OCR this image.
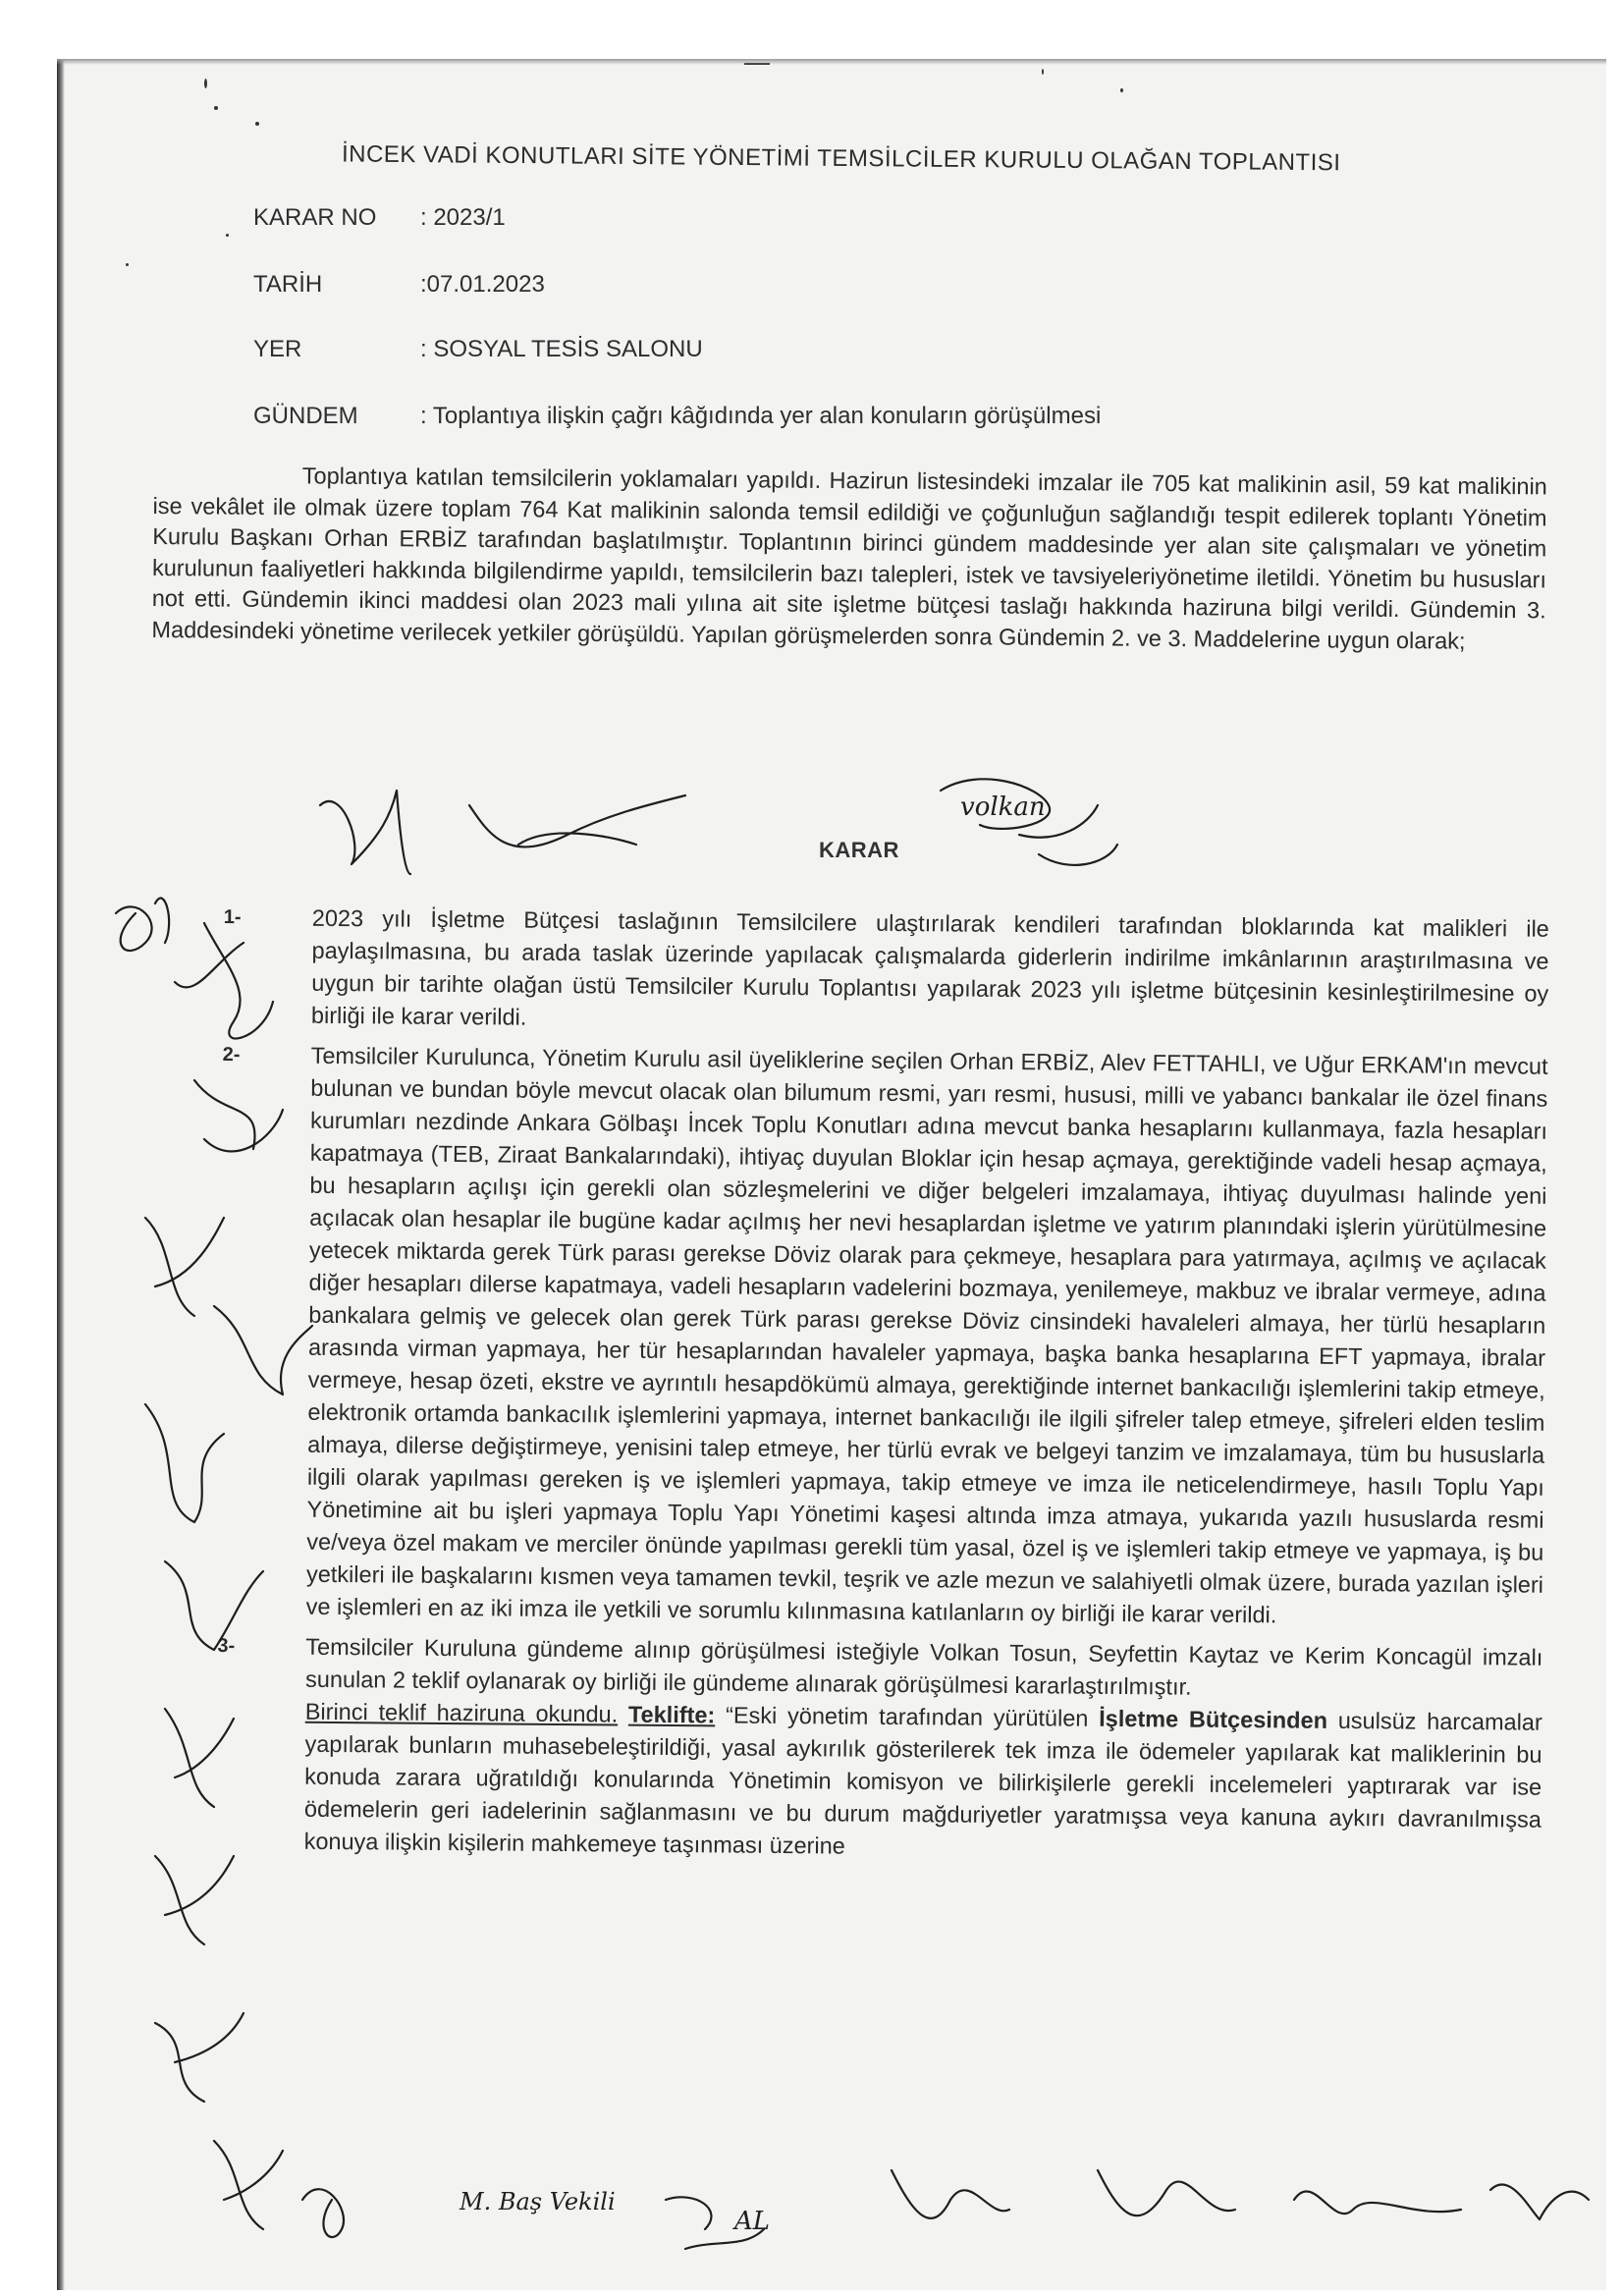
İNCEK VADİ KONUTLARI SİTE YÖNETİMİ TEMSİLCİLER KURULU OLAĞAN TOPLANTISI
KARAR NO : 2023/1
TARİH	:07.01.2023
YER	: SOSYAL TESİS SALONU
GÜNDEM	: Toplantıya ilişkin çağrı kâğıdında yer alan konuların görüşülmesi

Toplantıya katılan temsilcilerin yoklamaları yapıldı. Hazirun listesindeki imzalar ile 705 kat malikinin asil, 59 kat malikinin ise vekâlet ile olmak üzere toplam 764 Kat malikinin salonda temsil edildiği ve çoğunluğun sağlandığı tespit edilerek toplantı Yönetim Kurulu Başkanı Orhan ERBİZ tarafından başlatılmıştır. Toplantının birinci gündem maddesinde yer alan site çalışmaları ve yönetim kurulunun faaliyetleri hakkında bilgilendirme yapıldı, temsilcilerin bazı talepleri, istek ve tavsiyeleriyönetime iletildi. Yönetim bu hususları not etti. Gündemin ikinci maddesi olan 2023 mali yılına ait site işletme bütçesi taslağı hakkında haziruna bilgi verildi. Gündemin 3. Maddesindeki yönetime verilecek yetkiler görüşüldü. Yapılan görüşmelerden sonra Gündemin 2. ve 3. Maddelerine uygun olarak;

KARAR
1-	2023 yılı İşletme Bütçesi taslağının Temsilcilere ulaştırılarak kendileri tarafından bloklarında kat malikleri ile paylaşılmasına, bu arada taslak üzerinde yapılacak çalışmalarda giderlerin indirilme imkânlarının araştırılmasına ve uygun bir tarihte olağan üstü Temsilciler Kurulu Toplantısı yapılarak 2023 yılı işletme bütçesinin kesinleştirilmesine oy birliği ile karar verildi.
2-	Temsilciler Kurulunca, Yönetim Kurulu asil üyeliklerine seçilen Orhan ERBİZ, Alev FETTAHLI, ve Uğur ERKAM'ın mevcut bulunan ve bundan böyle mevcut olacak olan bilumum resmi, yarı resmi, hususi, milli ve yabancı bankalar ile özel finans kurumları nezdinde Ankara Gölbaşı İncek Toplu Konutları adına mevcut banka hesaplarını kullanmaya, fazla hesapları kapatmaya (TEB, Ziraat Bankalarındaki), ihtiyaç duyulan Bloklar için hesap açmaya, gerektiğinde vadeli hesap açmaya, bu hesapların açılışı için gerekli olan sözleşmelerini ve diğer belgeleri imzalamaya, ihtiyaç duyulması halinde yeni açılacak olan hesaplar ile bugüne kadar açılmış her nevi hesaplardan işletme ve yatırım planındaki işlerin yürütülmesine yetecek miktarda gerek Türk parası gerekse Döviz olarak para çekmeye, hesaplara para yatırmaya, açılmış ve açılacak diğer hesapları dilerse kapatmaya, vadeli hesapların vadelerini bozmaya, yenilemeye, makbuz ve ibralar vermeye, adına bankalara gelmiş ve gelecek olan gerek Türk parası gerekse Döviz cinsindeki havaleleri almaya, her türlü hesapların arasında virman yapmaya, her tür hesaplarından havaleler yapmaya, başka banka hesaplarına EFT yapmaya, ibralar vermeye, hesap özeti, ekstre ve ayrıntılı hesapdökümü almaya, gerektiğinde internet bankacılığı işlemlerini takip etmeye, elektronik ortamda bankacılık işlemlerini yapmaya, internet bankacılığı ile ilgili şifreler talep etmeye, şifreleri elden teslim almaya, dilerse değiştirmeye, yenisini talep etmeye, her türlü evrak ve belgeyi tanzim ve imzalamaya, tüm bu hususlarla ilgili olarak yapılması gereken iş ve işlemleri yapmaya, takip etmeye ve imza ile neticelendirmeye, hasılı Toplu Yapı Yönetimine ait bu işleri yapmaya Toplu Yapı Yönetimi kaşesi altında imza atmaya, yukarıda yazılı hususlarda resmi ve/veya özel makam ve merciler önünde yapılması gerekli tüm yasal, özel iş ve işlemleri takip etmeye ve yapmaya, iş bu yetkileri ile başkalarını kısmen veya tamamen tevkil, teşrik ve azle mezun ve salahiyetli olmak üzere, burada yazılan işleri ve işlemleri en az iki imza ile yetkili ve sorumlu kılınmasına katılanların oy birliği ile karar verildi.
3-	Temsilciler Kuruluna gündeme alınıp görüşülmesi isteğiyle Volkan Tosun, Seyfettin Kaytaz ve Kerim Koncagül imzalı sunulan 2 teklif oylanarak oy birliği ile gündeme alınarak görüşülmesi kararlaştırılmıştır.
Birinci teklif haziruna okundu. Teklifte: “Eski yönetim tarafından yürütülen İşletme Bütçesinden usulsüz harcamalar yapılarak bunların muhasebeleştirildiği, yasal aykırılık gösterilerek tek imza ile ödemeler yapılarak kat maliklerinin bu konuda zarara uğratıldığı konularında Yönetimin komisyon ve bilirkişilerle gerekli incelemeleri yaptırarak var ise ödemelerin geri iadelerinin sağlanmasını ve bu durum mağduriyetler yaratmışsa veya kanuna aykırı davranılmışsa konuya ilişkin kişilerin mahkemeye taşınması üzerine
volkan
M. Baş Vekili
AL
